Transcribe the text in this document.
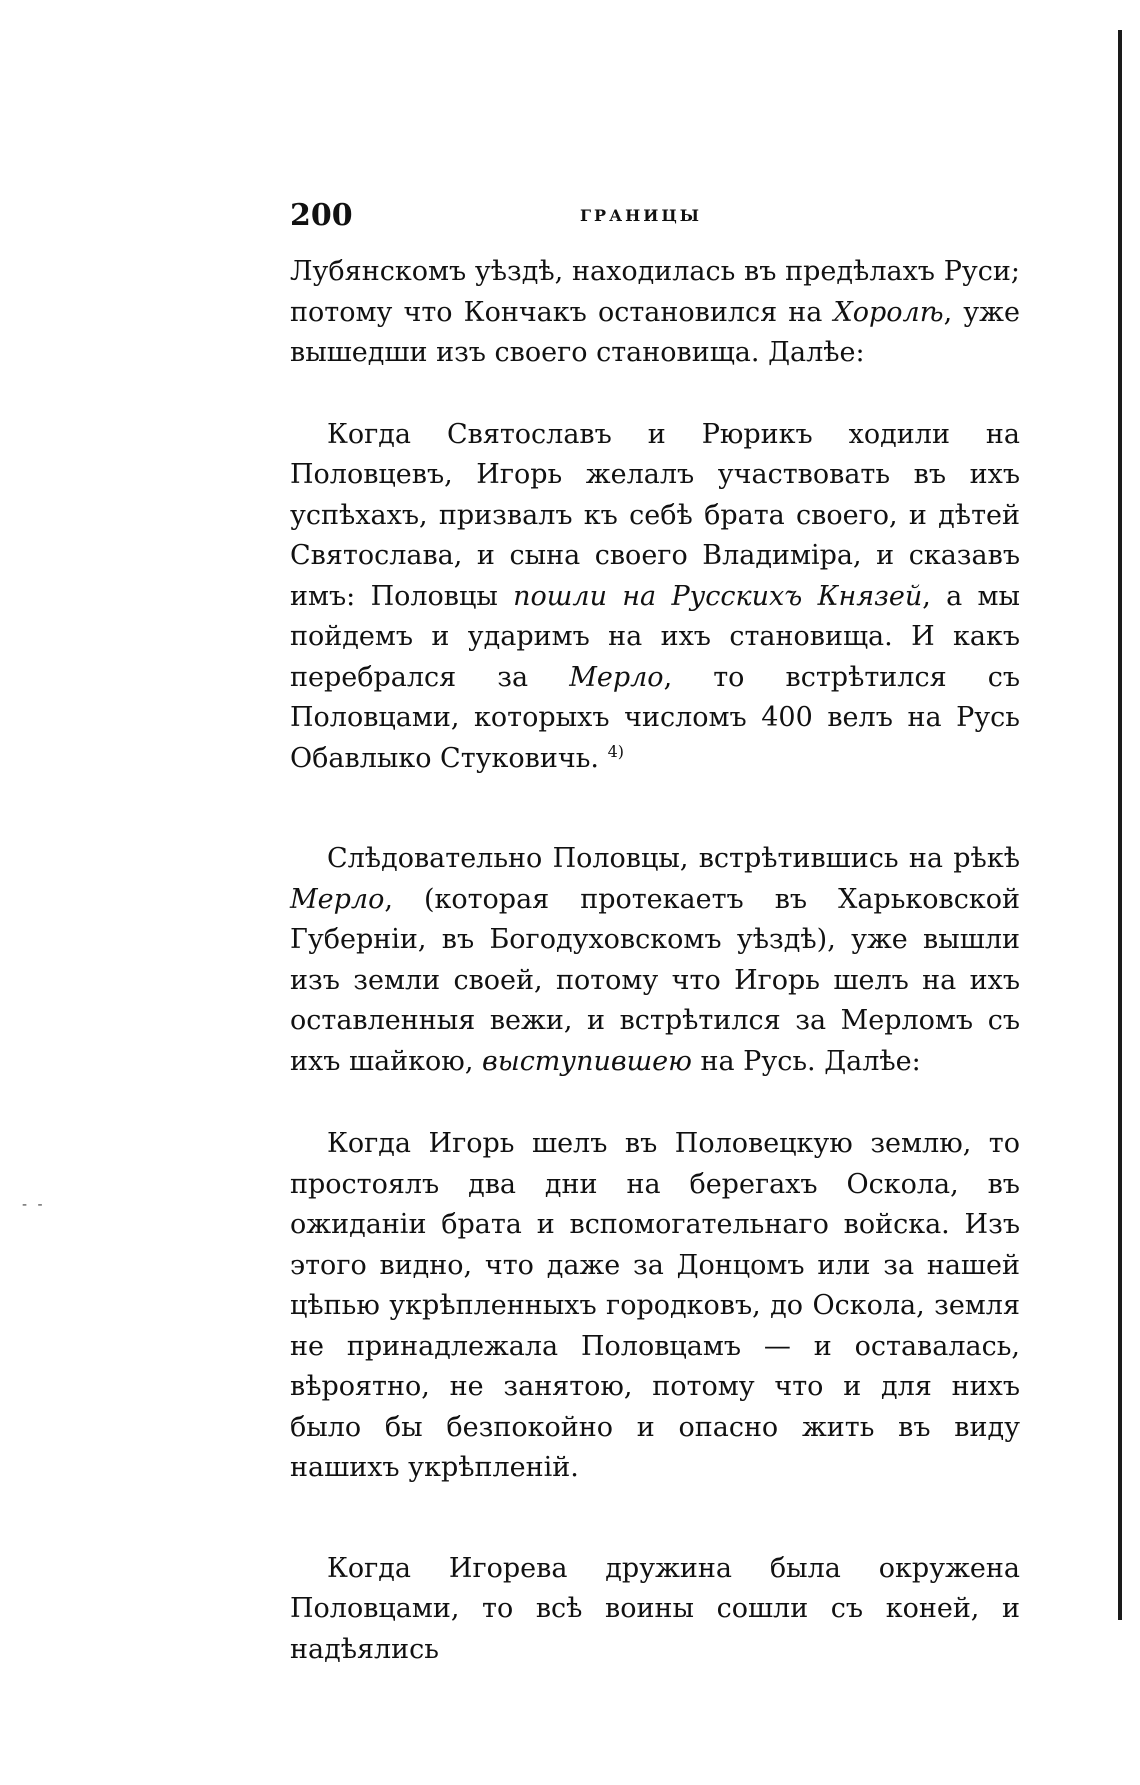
- -
200	ГРАНИЦЫ

Лубянскомъ уѣздѣ, находилась въ предѣлахъ Руси; потому что Кончакъ остановился на Хоролѣ, уже вышедши изъ своего становища. Далѣе:

Когда Святославъ и Рюрикъ ходили на Половцевъ, Игорь желалъ участвовать въ ихъ успѣхахъ, призвалъ къ себѣ брата своего, и дѣтей Святослава, и сына своего Владимiра, и сказавъ имъ: Половцы пошли на Русскихъ Князей, а мы пойдемъ и ударимъ на ихъ становища. И какъ перебрался за Мерло, то встрѣтился съ Половцами, которыхъ числомъ 400 велъ на Русь Обавлыко Стуковичь. $^{4)}$

Слѣдовательно Половцы, встрѣтившись на рѣкѣ Мерло, (которая протекаетъ въ Харьковской Губернiи, въ Богодуховскомъ уѣздѣ), уже вышли изъ земли своей, потому что Игорь шелъ на ихъ оставленныя вежи, и встрѣтился за Мерломъ съ ихъ шайкою, выступившею на Русь. Далѣе:

Когда Игорь шелъ въ Половецкую землю, то простоялъ два дни на берегахъ Оскола, въ ожиданiи брата и вспомогательнаго войска. Изъ этого видно, что даже за Донцомъ или за нашей цѣпью укрѣпленныхъ городковъ, до Оскола, земля не принадлежала Половцамъ — и оставалась, вѣроятно, не занятою, потому что и для нихъ было бы безпокойно и опасно жить въ виду нашихъ укрѣпленiй.

Когда Игорева дружина была окружена Половцами, то всѣ воины сошли съ коней, и надѣялись
